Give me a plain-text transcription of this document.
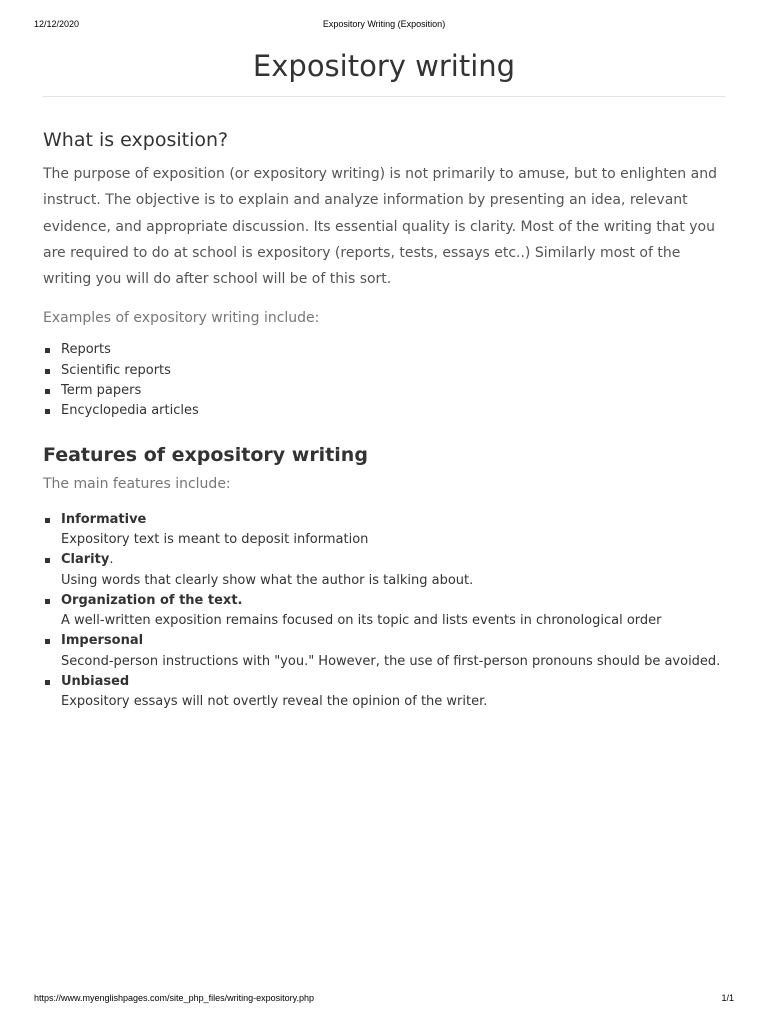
12/12/2020	Expository Writing (Exposition)
Expository writing
What is exposition?

The purpose of exposition (or expository writing) is not primarily to amuse, but to enlighten and instruct. The objective is to explain and analyze information by presenting an idea, relevant evidence, and appropriate discussion. Its essential quality is clarity. Most of the writing that you are required to do at school is expository (reports, tests, essays etc..) Similarly most of the writing you will do after school will be of this sort.

Examples of expository writing include:

Reports
Scientific reports
Term papers
Encyclopedia articles
Features of expository writing

The main features include:

Informative
Expository text is meant to deposit information
Clarity.
Using words that clearly show what the author is talking about.
Organization of the text.
A well-written exposition remains focused on its topic and lists events in chronological order
Impersonal
Second-person instructions with "you." However, the use of first-person pronouns should be avoided.
Unbiased
Expository essays will not overtly reveal the opinion of the writer.
https://www.myenglishpages.com/site_php_files/writing-expository.php	1/1
